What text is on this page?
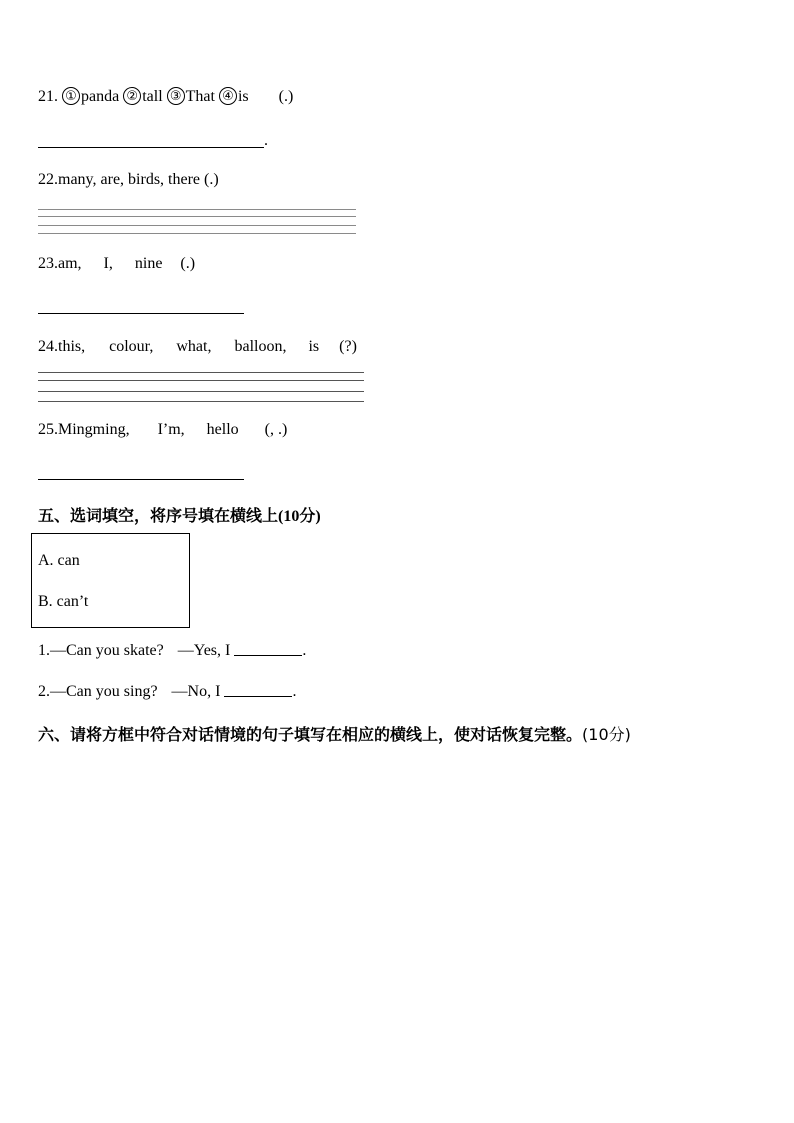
21. ① panda ② tall ③ That ④ is (.)
.
22.many, are, birds, there (.)
23.am, I, nine (.)
24.this, colour, what, balloon, is (?)
25.Mingming, I’m, hello (, .)
五、选词填空，将序号填在横线上(10分)
A. can
B. can’t
1.—Can you skate? —Yes, I	.
2.—Can you sing? —No, I	.
六、请将方框中符合对话情境的句子填写在相应的横线上，使对话恢复完整。(10分)
